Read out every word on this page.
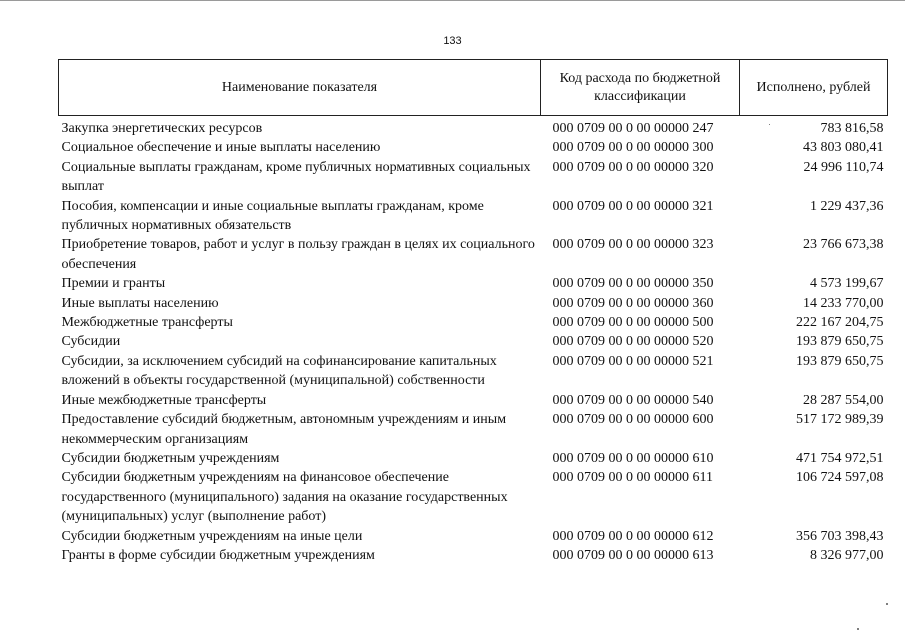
133
Наименование показателя	Код расхода по бюджетной классификации	Исполнено, рублей
Закупка энергетических ресурсов	000 0709 00 0 00 00000 247	783 816,58
Социальное обеспечение и иные выплаты населению	000 0709 00 0 00 00000 300	43 803 080,41
Социальные выплаты гражданам, кроме публичных нормативных социальных выплат	000 0709 00 0 00 00000 320	24 996 110,74
Пособия, компенсации и иные социальные выплаты гражданам, кроме публичных нормативных обязательств	000 0709 00 0 00 00000 321	1 229 437,36
Приобретение товаров, работ и услуг в пользу граждан в целях их социального обеспечения	000 0709 00 0 00 00000 323	23 766 673,38
Премии и гранты	000 0709 00 0 00 00000 350	4 573 199,67
Иные выплаты населению	000 0709 00 0 00 00000 360	14 233 770,00
Межбюджетные трансферты	000 0709 00 0 00 00000 500	222 167 204,75
Субсидии	000 0709 00 0 00 00000 520	193 879 650,75
Субсидии, за исключением субсидий на софинансирование капитальных вложений в объекты государственной (муниципальной) собственности	000 0709 00 0 00 00000 521	193 879 650,75
Иные межбюджетные трансферты	000 0709 00 0 00 00000 540	28 287 554,00
Предоставление субсидий бюджетным, автономным учреждениям и иным некоммерческим организациям	000 0709 00 0 00 00000 600	517 172 989,39
Субсидии бюджетным учреждениям	000 0709 00 0 00 00000 610	471 754 972,51
Субсидии бюджетным учреждениям на финансовое обеспечение государственного (муниципального) задания на оказание государственных (муниципальных) услуг (выполнение работ)	000 0709 00 0 00 00000 611	106 724 597,08
Субсидии бюджетным учреждениям на иные цели	000 0709 00 0 00 00000 612	356 703 398,43
Гранты в форме субсидии бюджетным учреждениям	000 0709 00 0 00 00000 613	8 326 977,00
